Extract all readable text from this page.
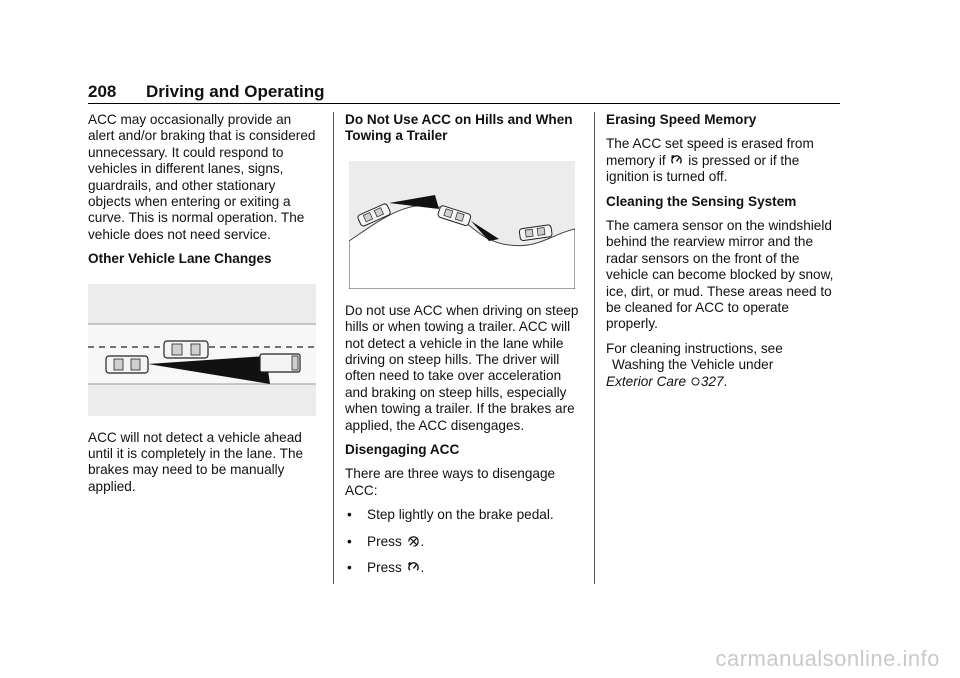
208	Driving and Operating

ACC may occasionally provide an alert and/or braking that is considered unnecessary. It could respond to vehicles in different lanes, signs, guardrails, and other stationary objects when entering or exiting a curve. This is normal operation. The vehicle does not need service.

Other Vehicle Lane Changes

ACC will not detect a vehicle ahead until it is completely in the lane. The brakes may need to be manually applied.

Do Not Use ACC on Hills and When Towing a Trailer

Do not use ACC when driving on steep hills or when towing a trailer. ACC will not detect a vehicle in the lane while driving on steep hills. The driver will often need to take over acceleration and braking on steep hills, especially when towing a trailer. If the brakes are applied, the ACC disengages.

Disengaging ACC

There are three ways to disengage ACC:

• Step lightly on the brake pedal.
• Press .
• Press .
Erasing Speed Memory

The ACC set speed is erased from memory if is pressed or if the ignition is turned off.

Cleaning the Sensing System

The camera sensor on the windshield behind the rearview mirror and the radar sensors on the front of the vehicle can become blocked by snow, ice, dirt, or mud. These areas need to be cleaned for ACC to operate properly.

For cleaning instructions, see
Washing the Vehicle under
Exterior Care 327.

carmanualsonline.info
